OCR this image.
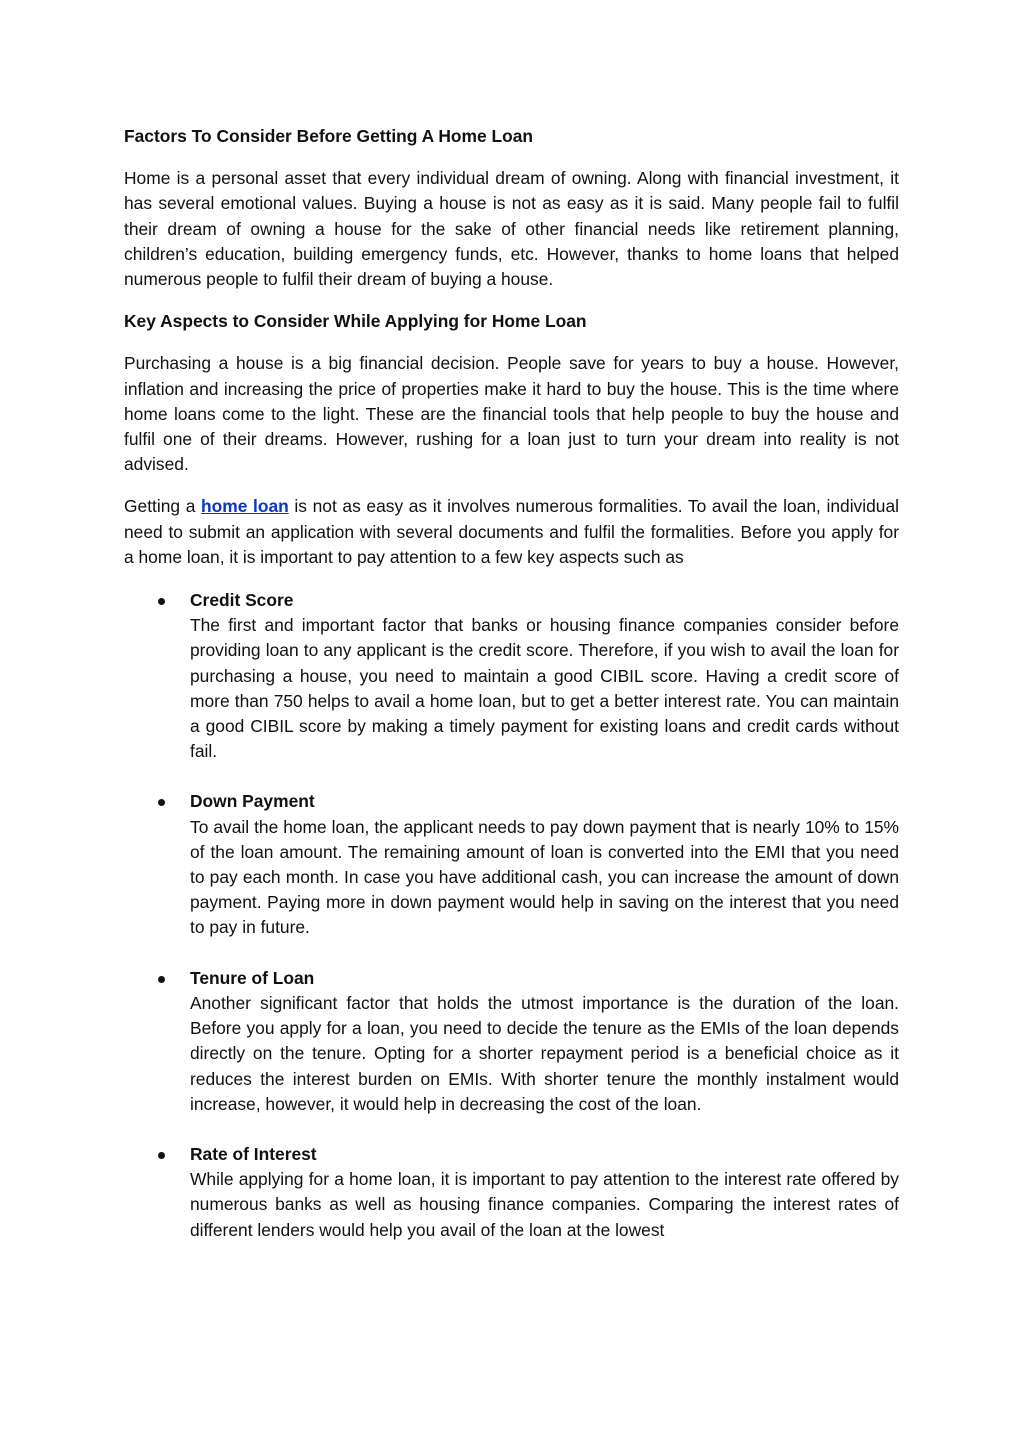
Factors To Consider Before Getting A Home Loan

Home is a personal asset that every individual dream of owning. Along with financial investment, it has several emotional values. Buying a house is not as easy as it is said. Many people fail to fulfil their dream of owning a house for the sake of other financial needs like retirement planning, children’s education, building emergency funds, etc. However, thanks to home loans that helped numerous people to fulfil their dream of buying a house.

Key Aspects to Consider While Applying for Home Loan

Purchasing a house is a big financial decision. People save for years to buy a house. However, inflation and increasing the price of properties make it hard to buy the house. This is the time where home loans come to the light. These are the financial tools that help people to buy the house and fulfil one of their dreams. However, rushing for a loan just to turn your dream into reality is not advised.

Getting a home loan is not as easy as it involves numerous formalities. To avail the loan, individual need to submit an application with several documents and fulfil the formalities. Before you apply for a home loan, it is important to pay attention to a few key aspects such as

Credit Score
The first and important factor that banks or housing finance companies consider before providing loan to any applicant is the credit score. Therefore, if you wish to avail the loan for purchasing a house, you need to maintain a good CIBIL score. Having a credit score of more than 750 helps to avail a home loan, but to get a better interest rate. You can maintain a good CIBIL score by making a timely payment for existing loans and credit cards without fail.
Down Payment
To avail the home loan, the applicant needs to pay down payment that is nearly 10% to 15% of the loan amount. The remaining amount of loan is converted into the EMI that you need to pay each month. In case you have additional cash, you can increase the amount of down payment. Paying more in down payment would help in saving on the interest that you need to pay in future.
Tenure of Loan
Another significant factor that holds the utmost importance is the duration of the loan. Before you apply for a loan, you need to decide the tenure as the EMIs of the loan depends directly on the tenure. Opting for a shorter repayment period is a beneficial choice as it reduces the interest burden on EMIs. With shorter tenure the monthly instalment would increase, however, it would help in decreasing the cost of the loan.
Rate of Interest
While applying for a home loan, it is important to pay attention to the interest rate offered by numerous banks as well as housing finance companies. Comparing the interest rates of different lenders would help you avail of the loan at the lowest
